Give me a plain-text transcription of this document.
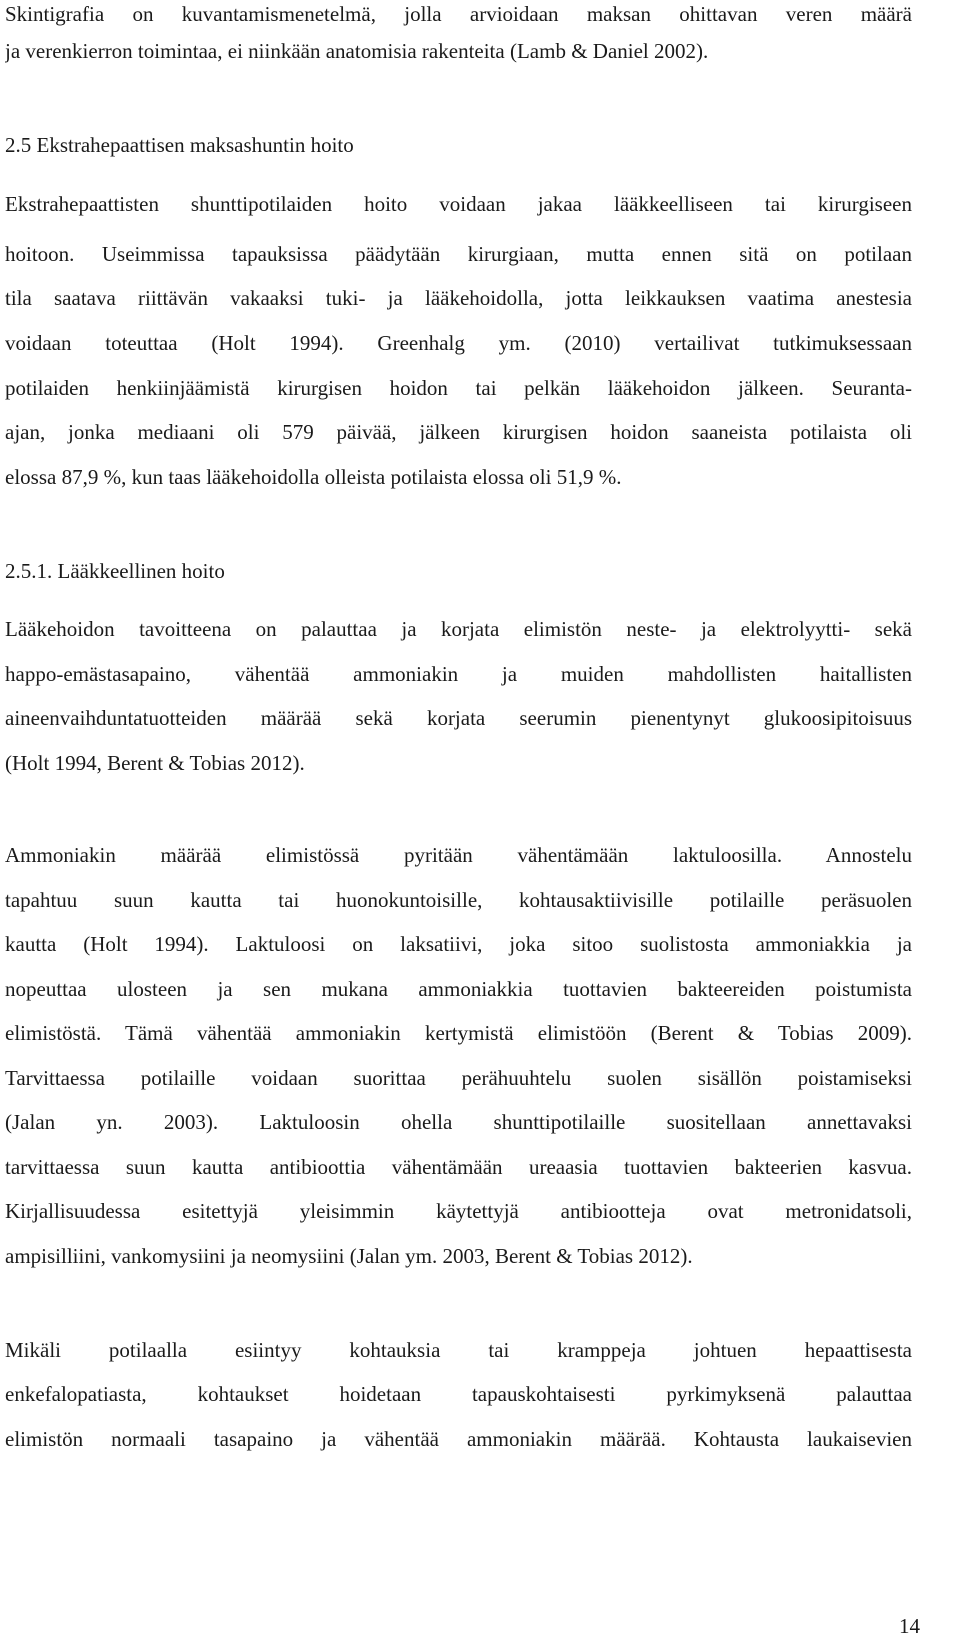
Skintigrafia on kuvantamismenetelmä, jolla arvioidaan maksan ohittavan veren määrä
ja verenkierron toimintaa, ei niinkään anatomisia rakenteita (Lamb & Daniel 2002).
2.5 Ekstrahepaattisen maksashuntin hoito
Ekstrahepaattisten shunttipotilaiden hoito voidaan jakaa lääkkeelliseen tai kirurgiseen
hoitoon. Useimmissa tapauksissa päädytään kirurgiaan, mutta ennen sitä on potilaan
tila saatava riittävän vakaaksi tuki- ja lääkehoidolla, jotta leikkauksen vaatima anestesia
voidaan toteuttaa (Holt 1994). Greenhalg ym. (2010) vertailivat tutkimuksessaan
potilaiden henkiinjäämistä kirurgisen hoidon tai pelkän lääkehoidon jälkeen. Seuranta-
ajan, jonka mediaani oli 579 päivää, jälkeen kirurgisen hoidon saaneista potilaista oli
elossa 87,9 %, kun taas lääkehoidolla olleista potilaista elossa oli 51,9 %.
2.5.1. Lääkkeellinen hoito
Lääkehoidon tavoitteena on palauttaa ja korjata elimistön neste- ja elektrolyytti- sekä
happo-emästasapaino, vähentää ammoniakin ja muiden mahdollisten haitallisten
aineenvaihduntatuotteiden määrää sekä korjata seerumin pienentynyt glukoosipitoisuus
(Holt 1994, Berent & Tobias 2012).
Ammoniakin määrää elimistössä pyritään vähentämään laktuloosilla. Annostelu
tapahtuu suun kautta tai huonokuntoisille, kohtausaktiivisille potilaille peräsuolen
kautta (Holt 1994). Laktuloosi on laksatiivi, joka sitoo suolistosta ammoniakkia ja
nopeuttaa ulosteen ja sen mukana ammoniakkia tuottavien bakteereiden poistumista
elimistöstä. Tämä vähentää ammoniakin kertymistä elimistöön (Berent & Tobias 2009).
Tarvittaessa potilaille voidaan suorittaa perähuuhtelu suolen sisällön poistamiseksi
(Jalan yn. 2003). Laktuloosin ohella shunttipotilaille suositellaan annettavaksi
tarvittaessa suun kautta antibioottia vähentämään ureaasia tuottavien bakteerien kasvua.
Kirjallisuudessa esitettyjä yleisimmin käytettyjä antibiootteja ovat metronidatsoli,
ampisilliini, vankomysiini ja neomysiini (Jalan ym. 2003, Berent & Tobias 2012).
Mikäli potilaalla esiintyy kohtauksia tai kramppeja johtuen hepaattisesta
enkefalopatiasta, kohtaukset hoidetaan tapauskohtaisesti pyrkimyksenä palauttaa
elimistön normaali tasapaino ja vähentää ammoniakin määrää. Kohtausta laukaisevien
14
